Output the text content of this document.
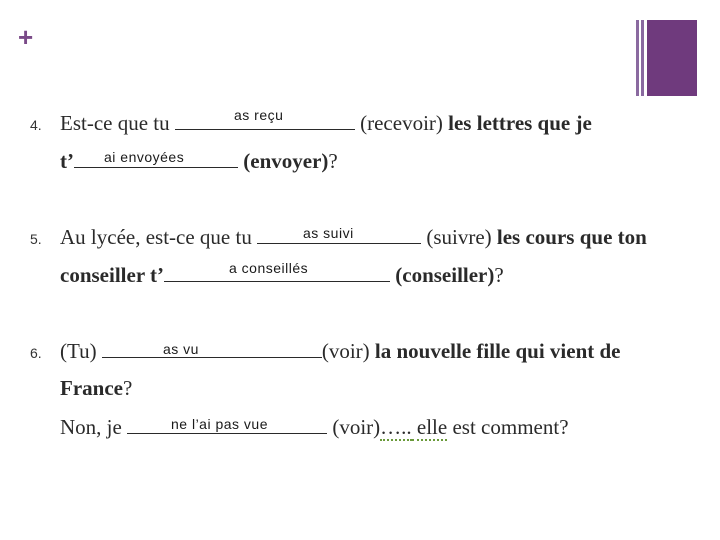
+
4. Est-ce que tu	(recevoir) les lettres que je
as reçu
t’	(envoyer)?
ai envoyées
5. Au lycée, est-ce que tu	(suivre) les cours que ton
as suivi
conseiller t’	(conseiller)?
a conseillés
6. (Tu)	(voir) la nouvelle fille qui vient de
as vu
France?
Non, je	(voir)….. elle est comment?
ne l’ai pas vue
